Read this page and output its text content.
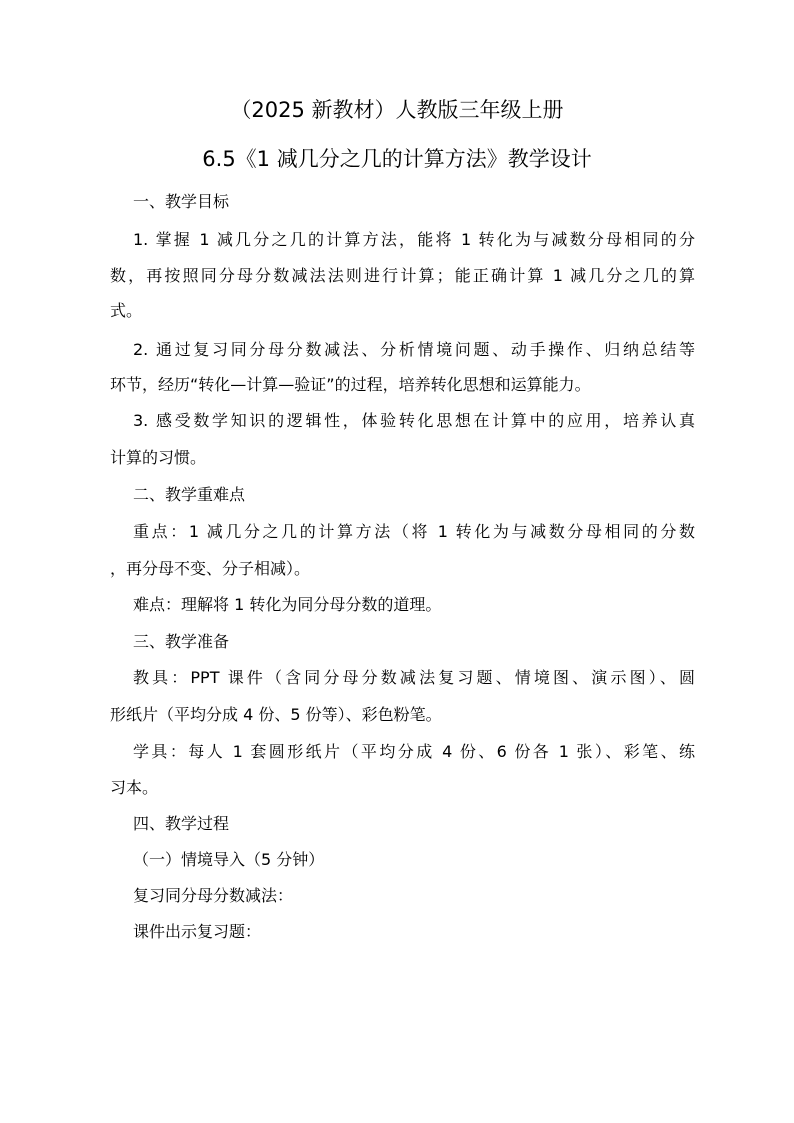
（2025 新教材）人教版三年级上册
6.5《1 减几分之几的计算方法》教学设计
一、教学目标
1. 掌握 1 减几分之几的计算方法，能将 1 转化为与减数分母相同的分
数，再按照同分母分数减法法则进行计算；能正确计算 1 减几分之几的算
式。
2. 通过复习同分母分数减法、分析情境问题、动手操作、归纳总结等
环节，经历“转化—计算—验证”的过程，培养转化思想和运算能力。
3. 感受数学知识的逻辑性，体验转化思想在计算中的应用，培养认真
计算的习惯。
二、教学重难点
重点：1 减几分之几的计算方法（将 1 转化为与减数分母相同的分数
，再分母不变、分子相减）。
难点：理解将 1 转化为同分母分数的道理。
三、教学准备
教具：PPT 课件（含同分母分数减法复习题、情境图、演示图）、圆
形纸片（平均分成 4 份、5 份等）、彩色粉笔。
学具：每人 1 套圆形纸片（平均分成 4 份、6 份各 1 张）、彩笔、练
习本。
四、教学过程
（一）情境导入（5 分钟）
复习同分母分数减法：
课件出示复习题：
